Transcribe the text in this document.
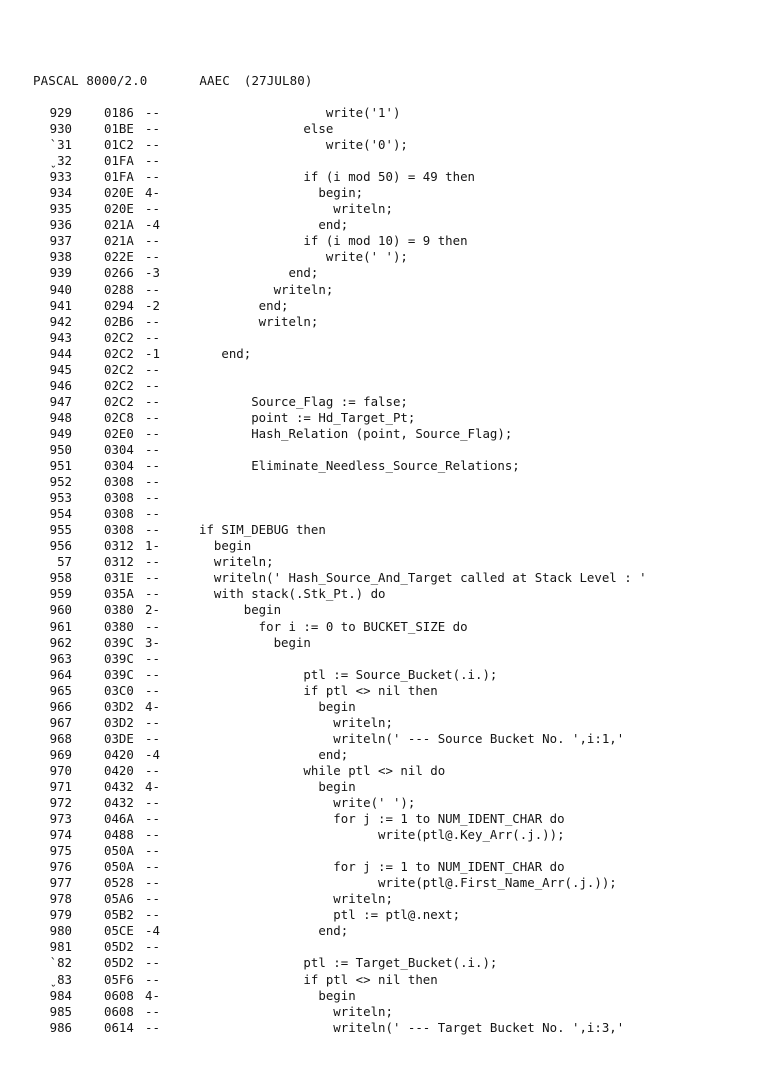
PASCAL 8000/2.0	AAEC (27JUL80)
929	0186 --	write('1')
930	01BE --	else
`31	01C2 --	write('0');
ˬ32	01FA --
933	01FA --	if (i mod 50) = 49 then
934	020E 4-	begin;
935	020E --	writeln;
936	021A -4	end;
937	021A --	if (i mod 10) = 9 then
938	022E --	write(' ');
939	0266 -3	end;
940	0288 --	writeln;
941	0294 -2	end;
942	02B6 --	writeln;
943	02C2 --
944	02C2 -1	end;
945	02C2 --
946	02C2 --
947	02C2 --	Source_Flag := false;
948	02C8 --	point := Hd_Target_Pt;
949	02E0 --	Hash_Relation (point, Source_Flag);
950	0304 --
951	0304 --	Eliminate_Needless_Source_Relations;
952	0308 --
953	0308 --
954	0308 --
955	0308 --	if SIM_DEBUG then
956	0312 1-	begin
57	0312 --	writeln;
958	031E --	writeln(' Hash_Source_And_Target called at Stack Level : '
959	035A --	with stack(.Stk_Pt.) do
960	0380 2-	begin
961	0380 --	for i := 0 to BUCKET_SIZE do
962	039C 3-	begin
963	039C --
964	039C --	ptl := Source_Bucket(.i.);
965	03C0 --	if ptl <> nil then
966	03D2 4-	begin
967	03D2 --	writeln;
968	03DE --	writeln(' --- Source Bucket No. ',i:1,'
969	0420 -4	end;
970	0420 --	while ptl <> nil do
971	0432 4-	begin
972	0432 --	write(' ');
973	046A --	for j := 1 to NUM_IDENT_CHAR do
974	0488 --	write(ptl@.Key_Arr(.j.));
975	050A --
976	050A --	for j := 1 to NUM_IDENT_CHAR do
977	0528 --	write(ptl@.First_Name_Arr(.j.));
978	05A6 --	writeln;
979	05B2 --	ptl := ptl@.next;
980	05CE -4	end;
981	05D2 --
`82	05D2 --	ptl := Target_Bucket(.i.);
ˬ83	05F6 --	if ptl <> nil then
984	0608 4-	begin
985	0608 --	writeln;
986	0614 --	writeln(' --- Target Bucket No. ',i:3,'
